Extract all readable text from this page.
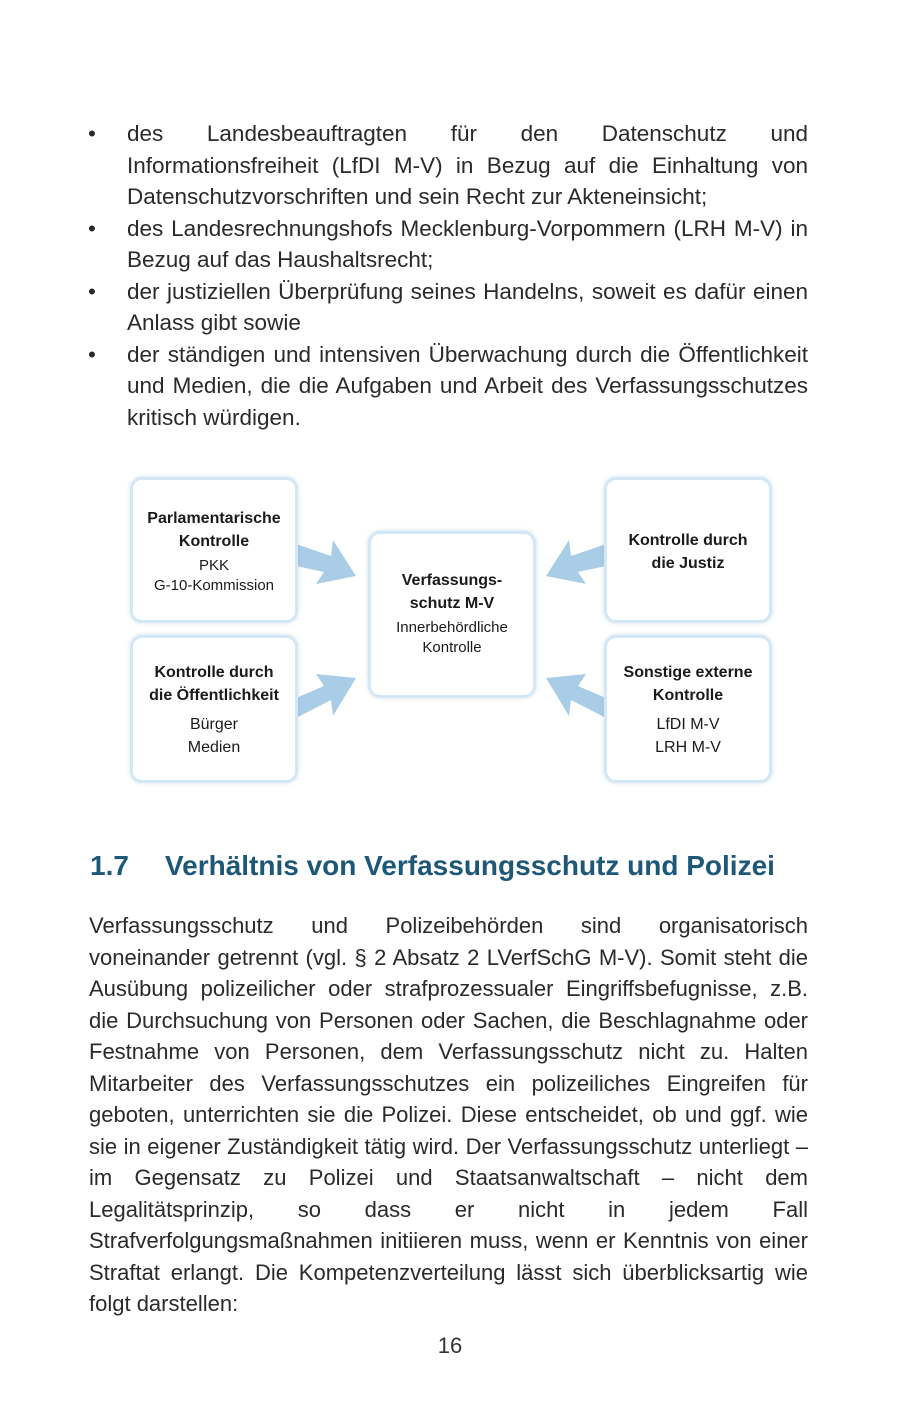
• des Landesbeauftragten für den Datenschutz und Informationsfreiheit (LfDI M-V) in Bezug auf die Einhaltung von Datenschutzvorschriften und sein Recht zur Akteneinsicht;
• des Landesrechnungshofs Mecklenburg-Vorpommern (LRH M-V) in Bezug auf das Haushaltsrecht;
• der justiziellen Überprüfung seines Handelns, soweit es dafür einen Anlass gibt sowie
• der ständigen und intensiven Überwachung durch die Öffentlichkeit und Medien, die die Aufgaben und Arbeit des Verfassungsschutzes kritisch würdigen.
Parlamentarische
Kontrolle
PKK
G-10-Kommission
Kontrolle durch
die Öffentlichkeit
Bürger
Medien
Verfassungs-
schutz M-V
Innerbehördliche
Kontrolle
Kontrolle durch
die Justiz
Sonstige externe
Kontrolle
LfDI M-V
LRH M-V
1.7 Verhältnis von Verfassungsschutz und Polizei

Verfassungsschutz und Polizeibehörden sind organisatorisch voneinander getrennt (vgl. § 2 Absatz 2 LVerfSchG M-V). Somit steht die Ausübung polizeilicher oder strafprozessualer Eingriffsbefugnisse, z.B. die Durchsuchung von Personen oder Sachen, die Beschlagnahme oder Festnahme von Personen, dem Verfassungsschutz nicht zu. Halten Mitarbeiter des Verfassungsschutzes ein polizeiliches Eingreifen für geboten, unterrichten sie die Polizei. Diese entscheidet, ob und ggf. wie sie in eigener Zuständigkeit tätig wird. Der Verfassungsschutz unterliegt – im Gegensatz zu Polizei und Staatsanwaltschaft – nicht dem Legalitätsprinzip, so dass er nicht in jedem Fall Strafverfolgungsmaßnahmen initiieren muss, wenn er Kenntnis von einer Straftat erlangt. Die Kompetenzverteilung lässt sich überblicksartig wie folgt darstellen:

16
